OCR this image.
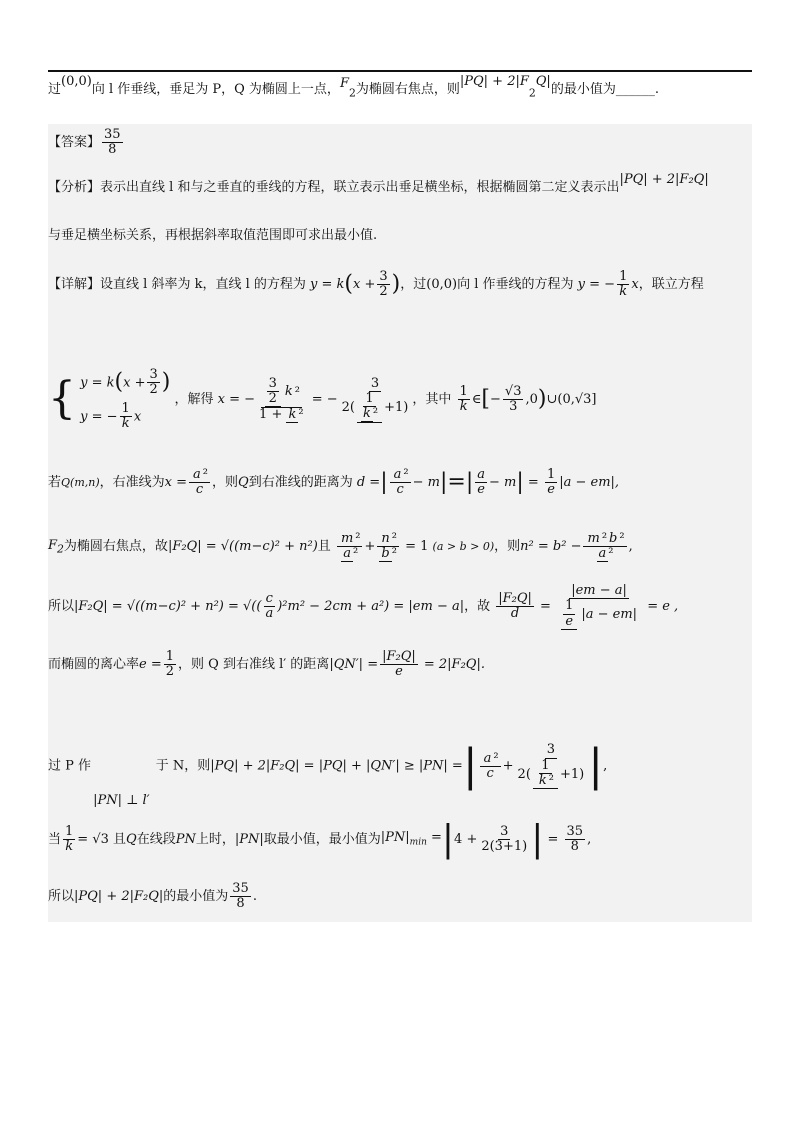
过(0,0)向 l 作垂线，垂足为 P，Q 为椭圆上一点，$F_2$为椭圆右焦点，则$|PQ| + 2|F_2Q|$的最小值为______.
【答案】 $\frac{35}{8}$
【分析】表示出直线 l 和与之垂直的垂线的方程，联立表示出垂足横坐标，根据椭圆第二定义表示出|PQ| + 2|F₂Q|
与垂足横坐标关系，再根据斜率取值范围即可求出最小值.
【详解】设直线 l 斜率为 k，直线 l 的方程为 $y = k(x + \frac{3}{2}$ )，过(0,0)向 l 作垂线的方程为 y = − $\frac{1}{k}$ x，联立方程
{ $y = k(x + \frac{3}{2}$ )
y = − $\frac{1}{k}$ x
，解得 x = − $\frac{\frac{3}{2} k ^2}{\text{1 + k ²}}$ = − $\frac{3}{2( \frac{1}{\text{k ²}} +1)}$ ，其中 $\frac{1}{k}$ ∈[− $\frac{√3}{3}$ ,0)∪(0,√3]
若Q(m,n)，右准线为$x = \frac{\text{a ²}}{c}$ ，则Q到右准线的距离为 d =| $\frac{\text{a ²}}{c} - m|=| \frac{a}{e} - m| = \frac{1}{e} |a - em|$,
$F_2$为椭圆右焦点，故|F₂Q| = √((m−c)² + n²)且 $\frac{\text{m ²}}{\text{a ²}} + \frac{\text{n ²}}{\text{b ²}} = 1$ (a > b > 0)，则$n^2 = b^2 - \frac{\text{m ² b ²}}{\text{a ²}}$ ,
所以|F₂Q| = √((m−c)² + n²) = √(( $\frac{c}{a} )^2m^2 - 2cm + a^2) = |em - a|$，故 $\frac{\text{|F₂Q|}}{d} = \frac{|em - a|}{\frac{1}{e} |a - em|} = e$ ,
而椭圆的离心率$e = \frac{1}{2}$ ，则 Q 到右准线 l′ 的距离$|QN'| = \frac{\text{|F₂Q|}}{e} = 2|F_2Q|$.
过 P 作 |PN| ⊥ l′ 于 N，则|PQ| + 2|F₂Q| = |PQ| + |QN′| ≥ |PN| =| $\frac{\text{a ²}}{c} + \frac{3}{2( \frac{1}{\text{k ²}} +1)}$ |,
当 $\frac{1}{k} = √3$ 且Q在线段PN上时，|PN|取最小值，最小值为$|PN|_{min} =|4 + \frac{3}{2(3+1)}$ | = $\frac{35}{8}$ ,
所以|PQ| + 2|F₂Q|的最小值为 $\frac{35}{8}$ .
